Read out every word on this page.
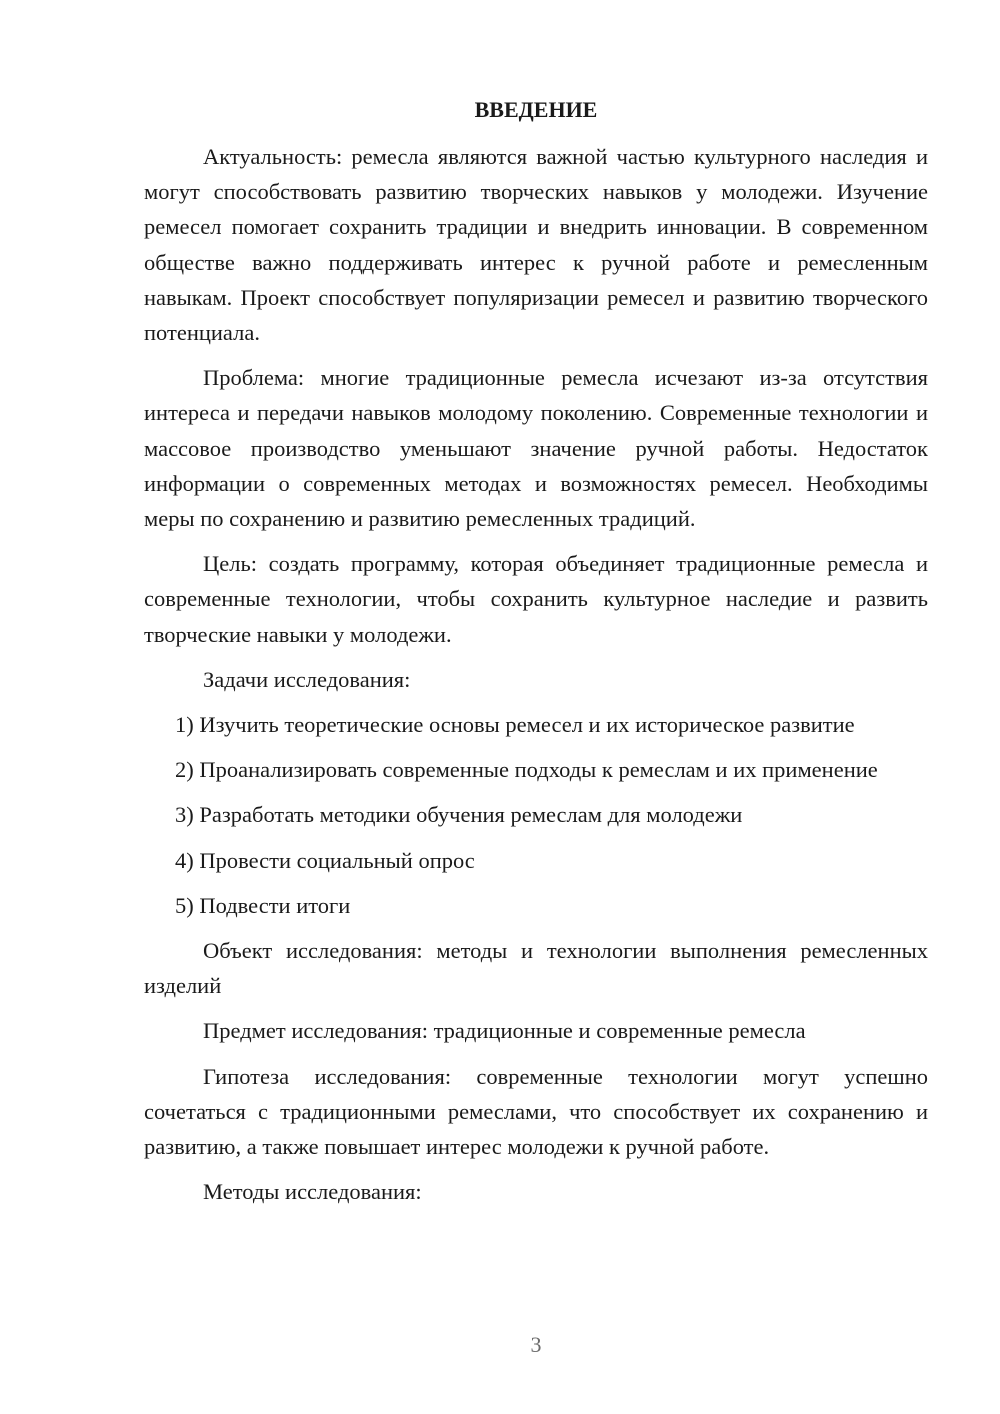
ВВЕДЕНИЕ

Актуальность: ремесла являются важной частью культурного наследия и могут способствовать развитию творческих навыков у молодежи. Изучение ремесел помогает сохранить традиции и внедрить инновации. В современном обществе важно поддерживать интерес к ручной работе и ремесленным навыкам. Проект способствует популяризации ремесел и развитию творческого потенциала.

Проблема: многие традиционные ремесла исчезают из-за отсутствия интереса и передачи навыков молодому поколению. Современные технологии и массовое производство уменьшают значение ручной работы. Недостаток информации о современных методах и возможностях ремесел. Необходимы меры по сохранению и развитию ремесленных традиций.

Цель: создать программу, которая объединяет традиционные ремесла и современные технологии, чтобы сохранить культурное наследие и развить творческие навыки у молодежи.

Задачи исследования:

1) Изучить теоретические основы ремесел и их историческое развитие

2) Проанализировать современные подходы к ремеслам и их применение

3) Разработать методики обучения ремеслам для молодежи

4) Провести социальный опрос

5) Подвести итоги

Объект исследования: методы и технологии выполнения ремесленных изделий

Предмет исследования: традиционные и современные ремесла

Гипотеза исследования: современные технологии могут успешно сочетаться с традиционными ремеслами, что способствует их сохранению и развитию, а также повышает интерес молодежи к ручной работе.

Методы исследования:

3
